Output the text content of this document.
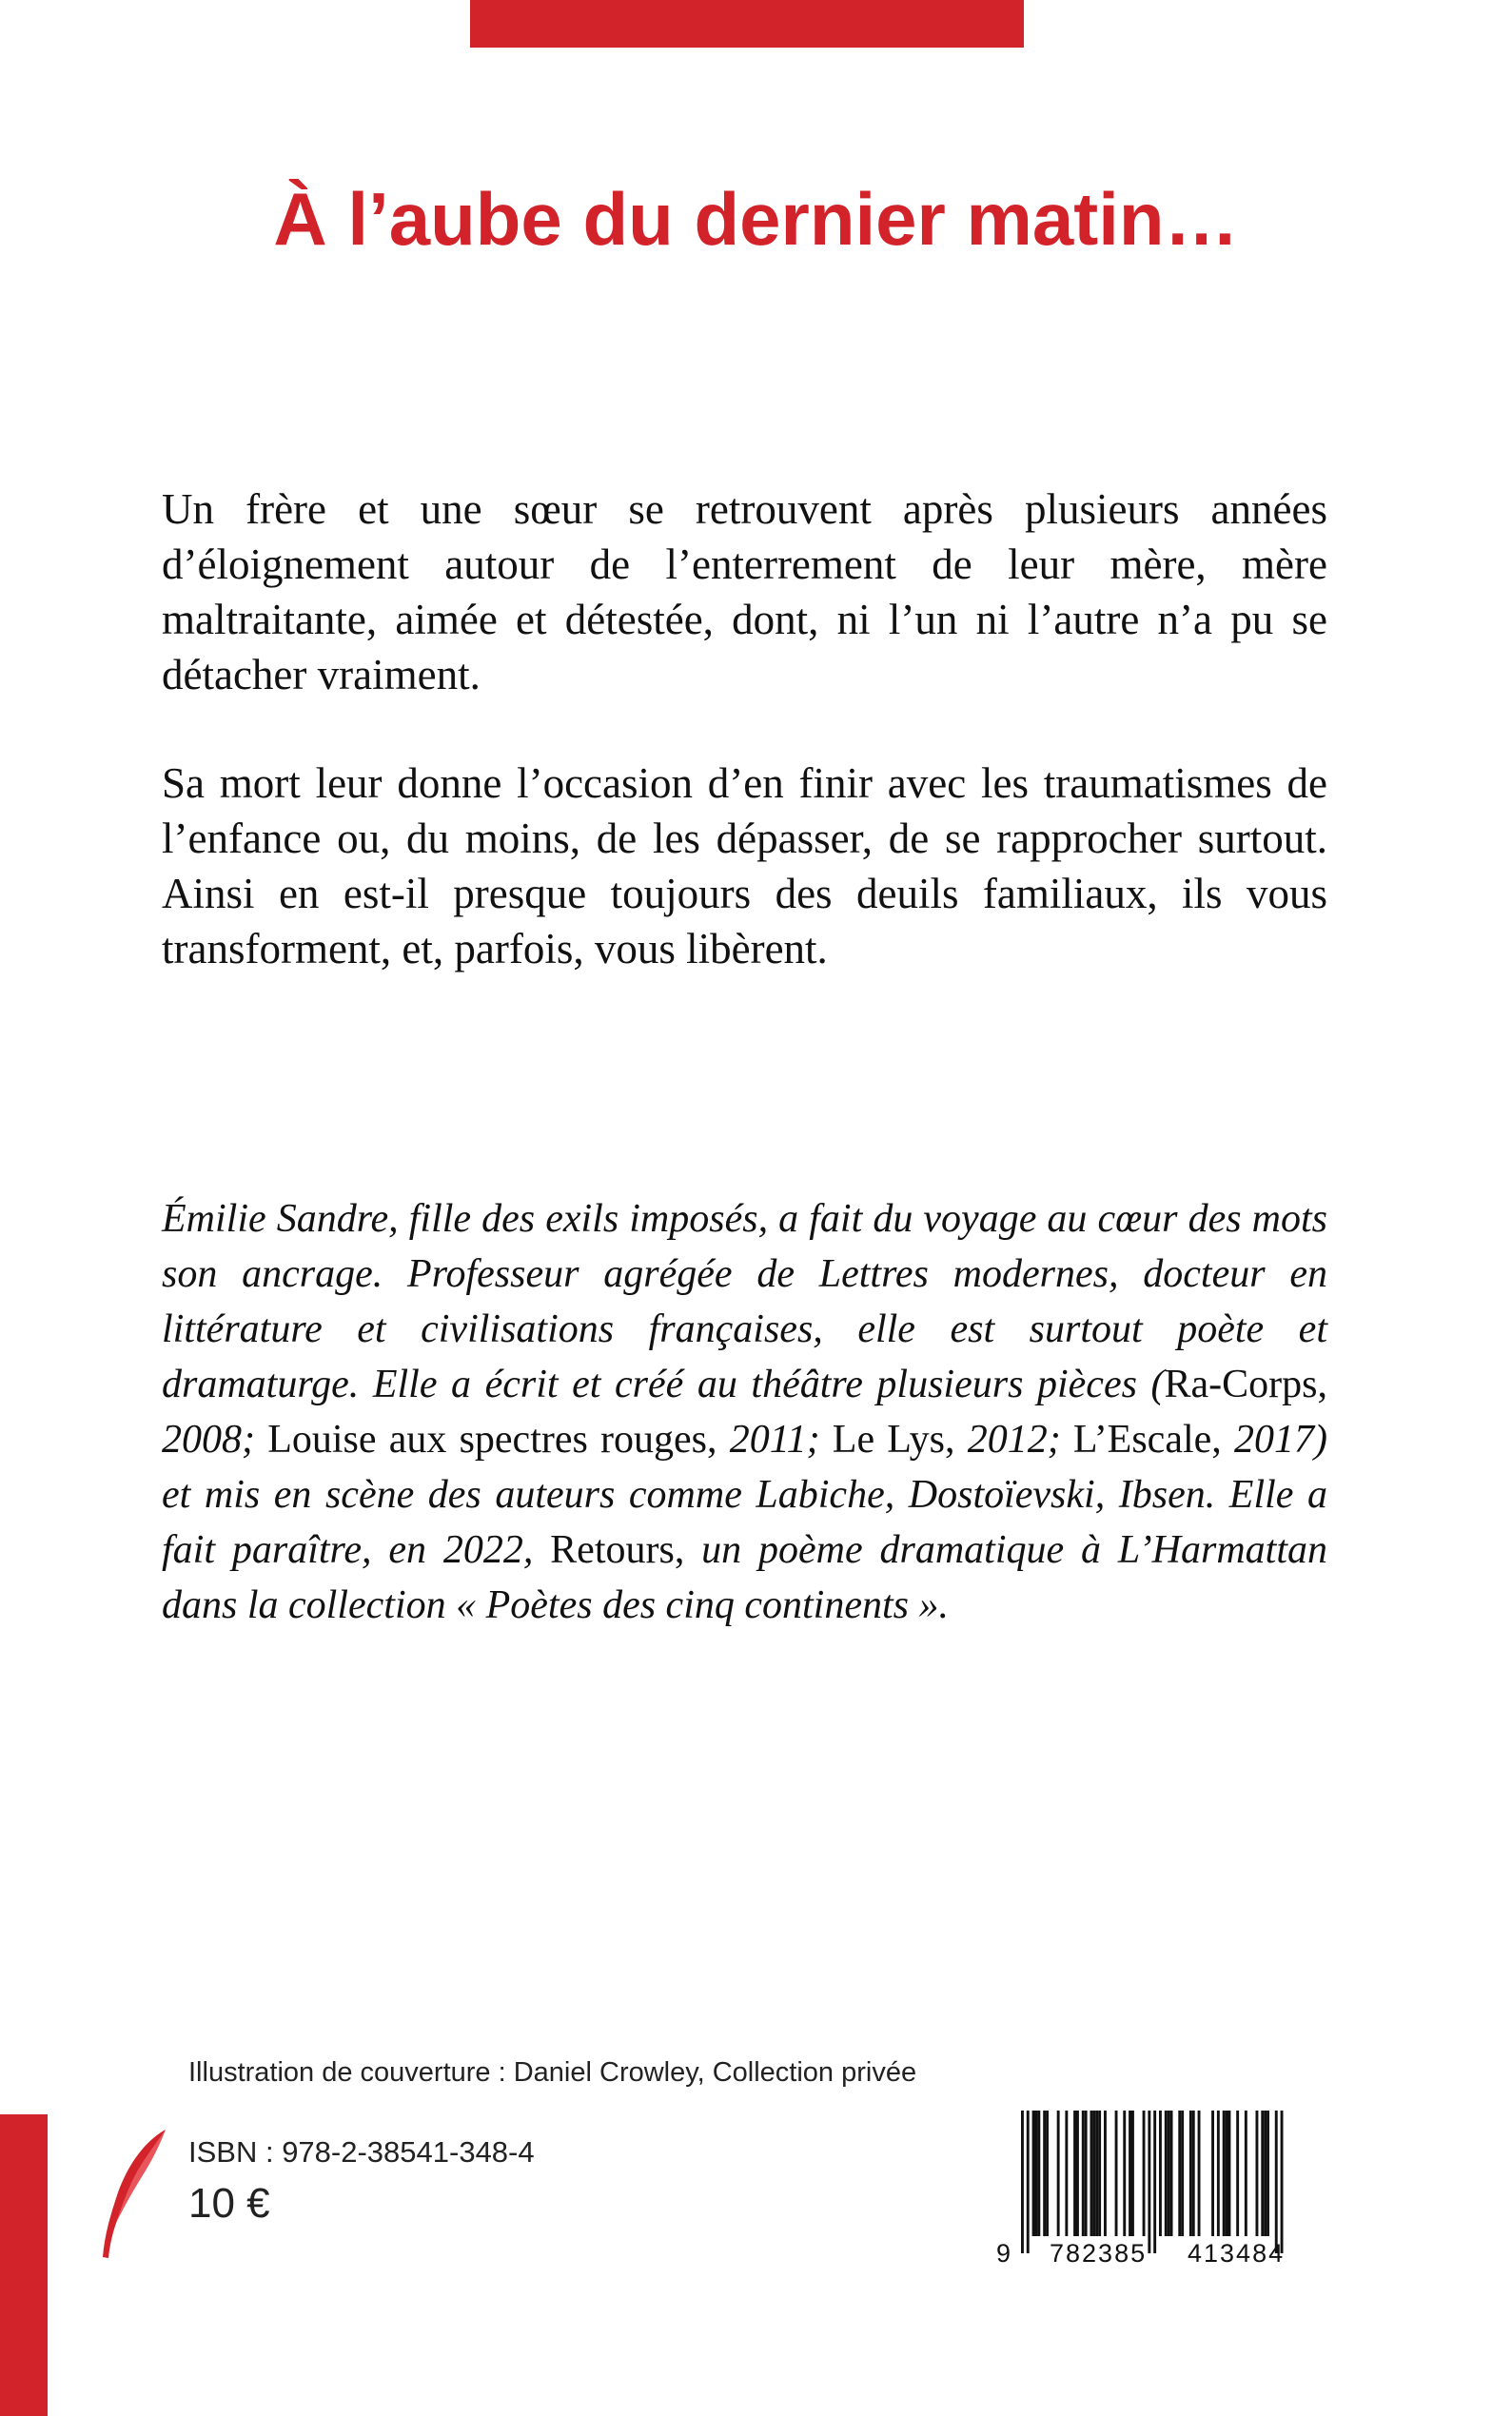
À l’aube du dernier matin…

Un frère et une sœur se retrouvent après plusieurs années d’éloignement autour de l’enterrement de leur mère, mère maltraitante, aimée et détestée, dont, ni l’un ni l’autre n’a pu se détacher vraiment.

Sa mort leur donne l’occasion d’en finir avec les traumatismes de l’enfance ou, du moins, de les dépasser, de se rapprocher surtout. Ainsi en est-il presque toujours des deuils familiaux, ils vous transforment, et, parfois, vous libèrent.

Émilie Sandre, fille des exils imposés, a fait du voyage au cœur des mots son ancrage. Professeur agrégée de Lettres modernes, docteur en littérature et civilisations françaises, elle est surtout poète et dramaturge. Elle a écrit et créé au théâtre plusieurs pièces (Ra-Corps, 2008; Louise aux spectres rouges, 2011; Le Lys, 2012; L’Escale, 2017) et mis en scène des auteurs comme Labiche, Dostoïevski, Ibsen. Elle a fait paraître, en 2022, Retours, un poème dramatique à L’Harmattan dans la collection « Poètes des cinq continents ».

Illustration de couverture : Daniel Crowley, Collection privée
ISBN : 978-2-38541-348-4
10 €
9 782385 413484
